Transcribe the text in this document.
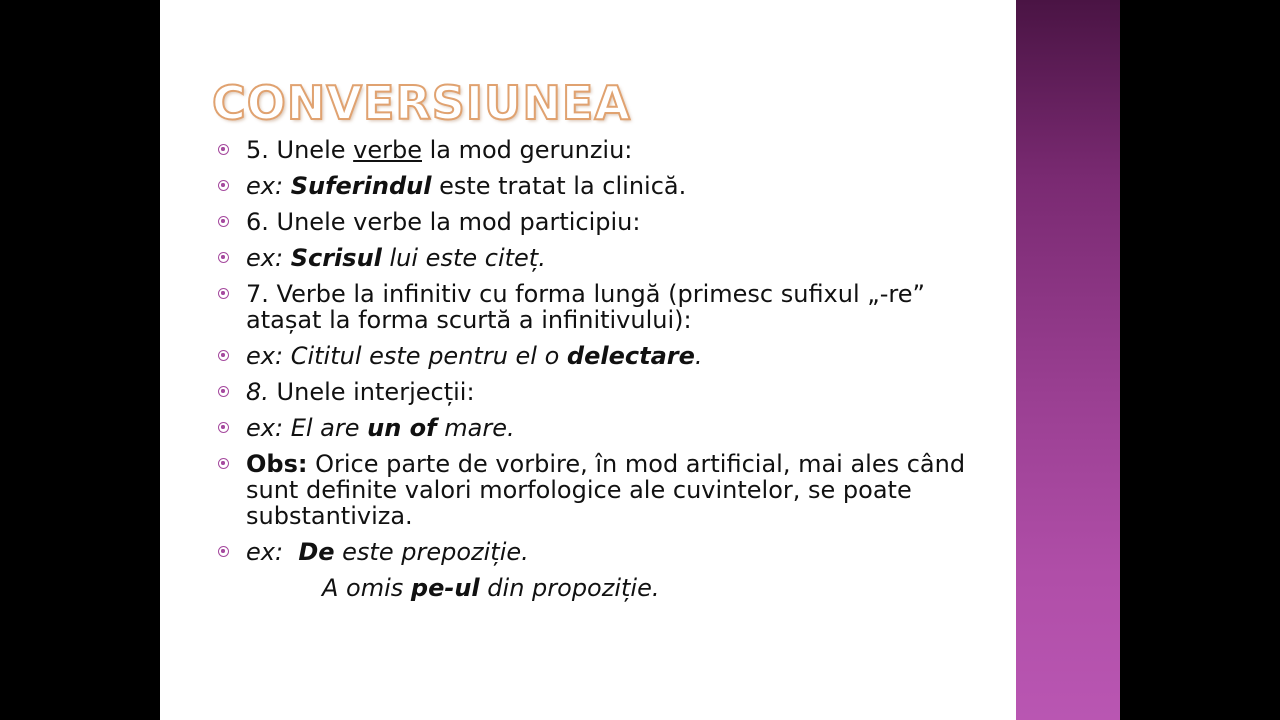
CONVERSIUNEA
5. Unele verbe la mod gerunziu:
ex: Suferindul este tratat la clinică.
6. Unele verbe la mod participiu:
ex: Scrisul lui este citeț.
7. Verbe la infinitiv cu forma lungă (primesc sufixul „-re”
atașat la forma scurtă a infinitivului):
ex: Cititul este pentru el o delectare.
8. Unele interjecții:
ex: El are un of mare.
Obs: Orice parte de vorbire, în mod artificial, mai ales când
sunt definite valori morfologice ale cuvintelor, se poate
substantiviza.
ex: De este prepoziție.
A omis pe-ul din propoziție.
